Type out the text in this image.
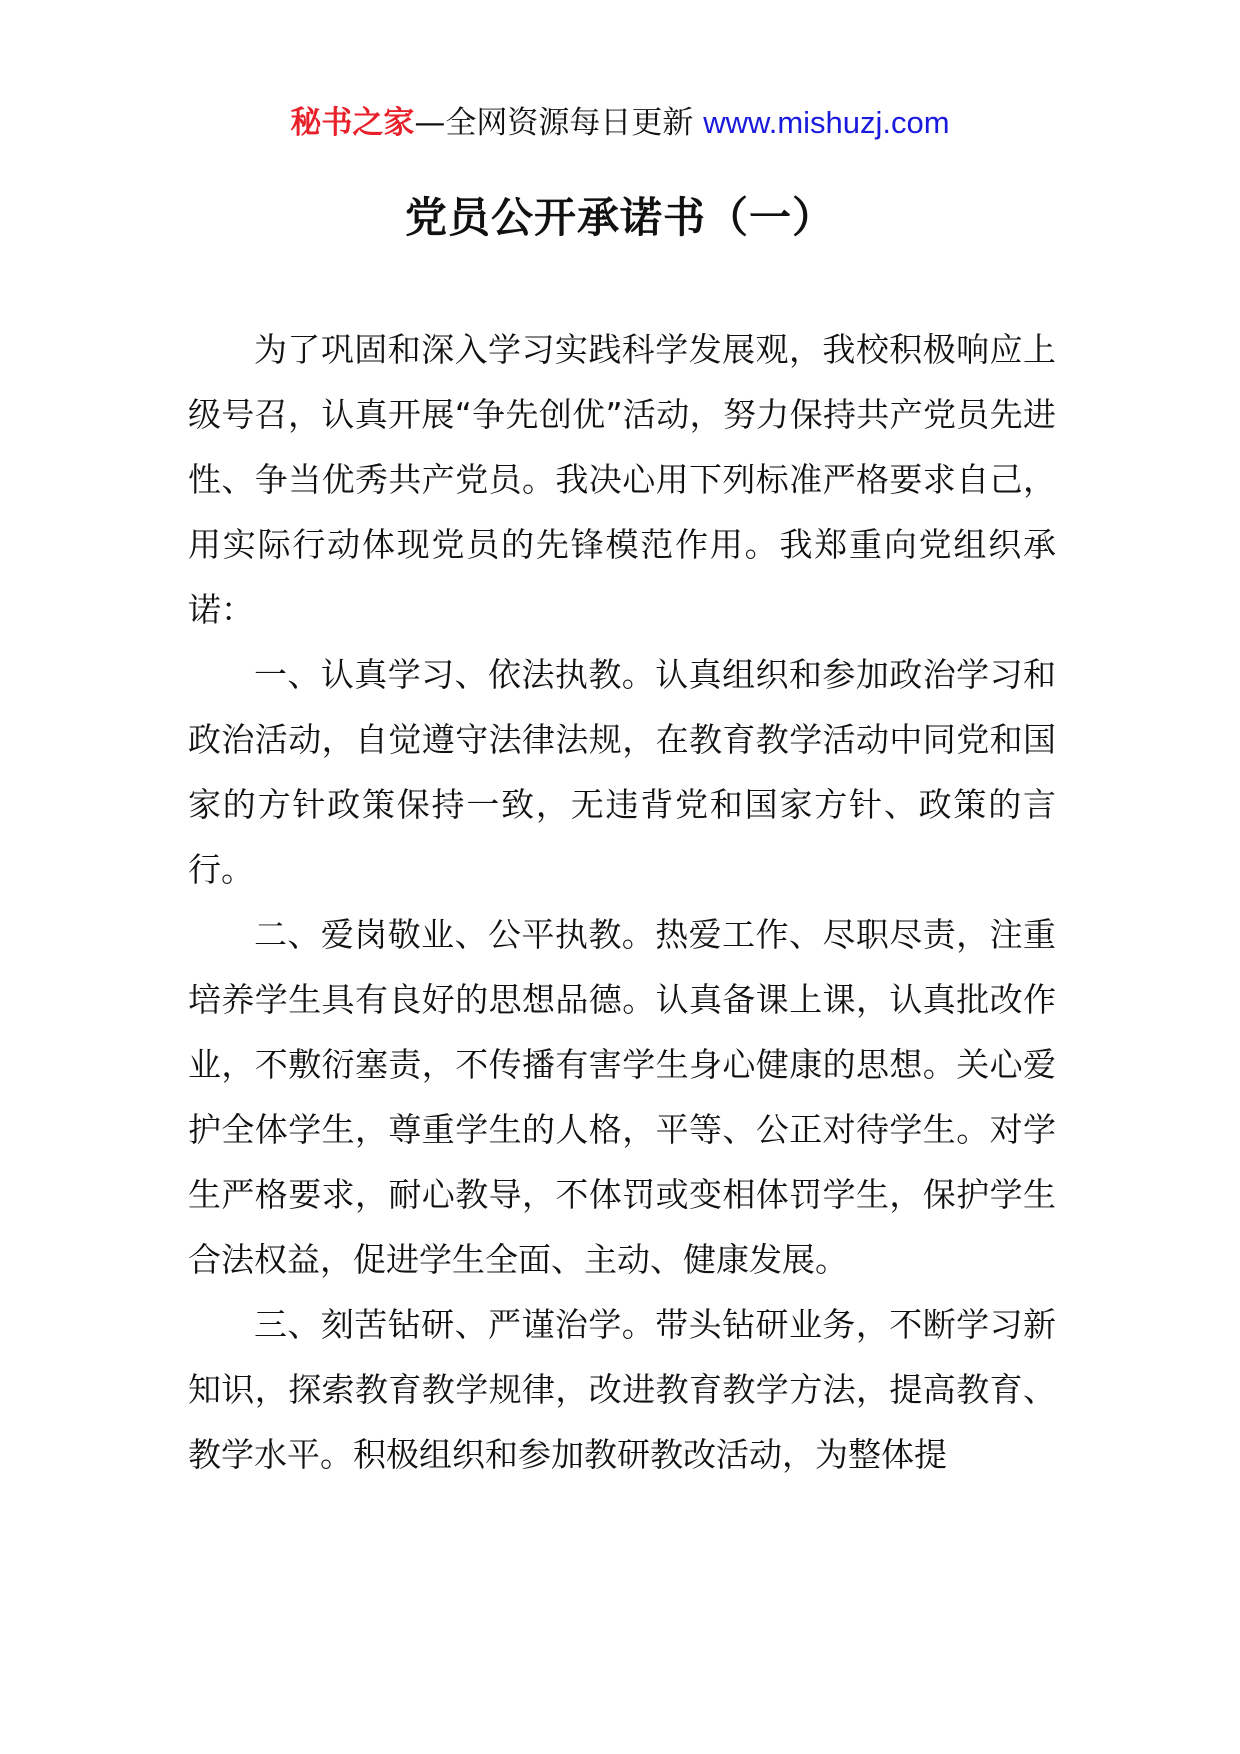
秘书之家—全网资源每日更新 www.mishuzj.com
党员公开承诺书（一）

为了巩固和深入学习实践科学发展观，我校积极响应上级号召，认真开展“争先创优”活动，努力保持共产党员先进性、争当优秀共产党员。我决心用下列标准严格要求自己，用实际行动体现党员的先锋模范作用。我郑重向党组织承诺：

一、认真学习、依法执教。认真组织和参加政治学习和政治活动，自觉遵守法律法规，在教育教学活动中同党和国家的方针政策保持一致，无违背党和国家方针、政策的言行。

二、爱岗敬业、公平执教。热爱工作、尽职尽责，注重培养学生具有良好的思想品德。认真备课上课，认真批改作业，不敷衍塞责，不传播有害学生身心健康的思想。关心爱护全体学生，尊重学生的人格，平等、公正对待学生。对学生严格要求，耐心教导，不体罚或变相体罚学生，保护学生合法权益，促进学生全面、主动、健康发展。

三、刻苦钻研、严谨治学。带头钻研业务，不断学习新知识，探索教育教学规律，改进教育教学方法，提高教育、教学水平。积极组织和参加教研教改活动，为整体提
